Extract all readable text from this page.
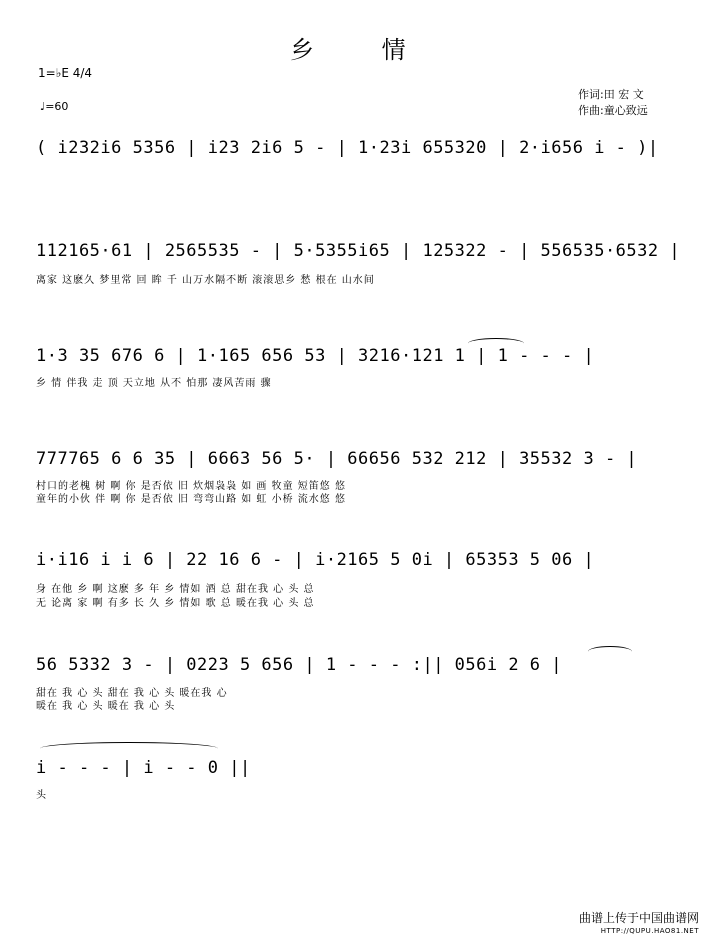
乡 情
1=♭E 4/4
♩=60
作词:田 宏 文
作曲:童心致远
( i232i6 5356 | i23 2i6 5 - | 1·23i 655320 | 2·i656 i - )|
112165·61 | 2565535 - | 5·5355i65 | 125322 - | 556535·6532 |
离家 这麽久 梦里常 回 眸 千 山万水隔不断 滚滚思乡 愁 根在 山水间
1·3 35 676 6 | 1·165 656 53 | 3216·121 1 | 1 - - - |
乡 情 伴我 走 顶 天立地 从不 怕那 凄风苦雨 骤
777765 6 6 35 | 6663 56 5· | 66656 532 212 | 35532 3 - |
村口的老槐 树 啊 你 是否依 旧 炊烟袅袅 如 画 牧童 短笛悠 悠
童年的小伙 伴 啊 你 是否依 旧 弯弯山路 如 虹 小桥 流水悠 悠
i·i16 i i 6 | 22 16 6 - | i·2165 5 0i | 65353 5 06 |
身 在他 乡 啊 这麽 多 年 乡 情如 酒 总 甜在我 心 头 总
无 论离 家 啊 有多 长 久 乡 情如 歌 总 暖在我 心 头 总
56 5332 3 - | 0223 5 656 | 1 - - - :|| 056i 2 6 |
甜在 我 心 头 甜在 我 心 头 暖在我 心
暖在 我 心 头 暖在 我 心 头
i - - - | i - - 0 ||
头
曲谱上传于中国曲谱网
HTTP://QUPU.HAO81.NET
